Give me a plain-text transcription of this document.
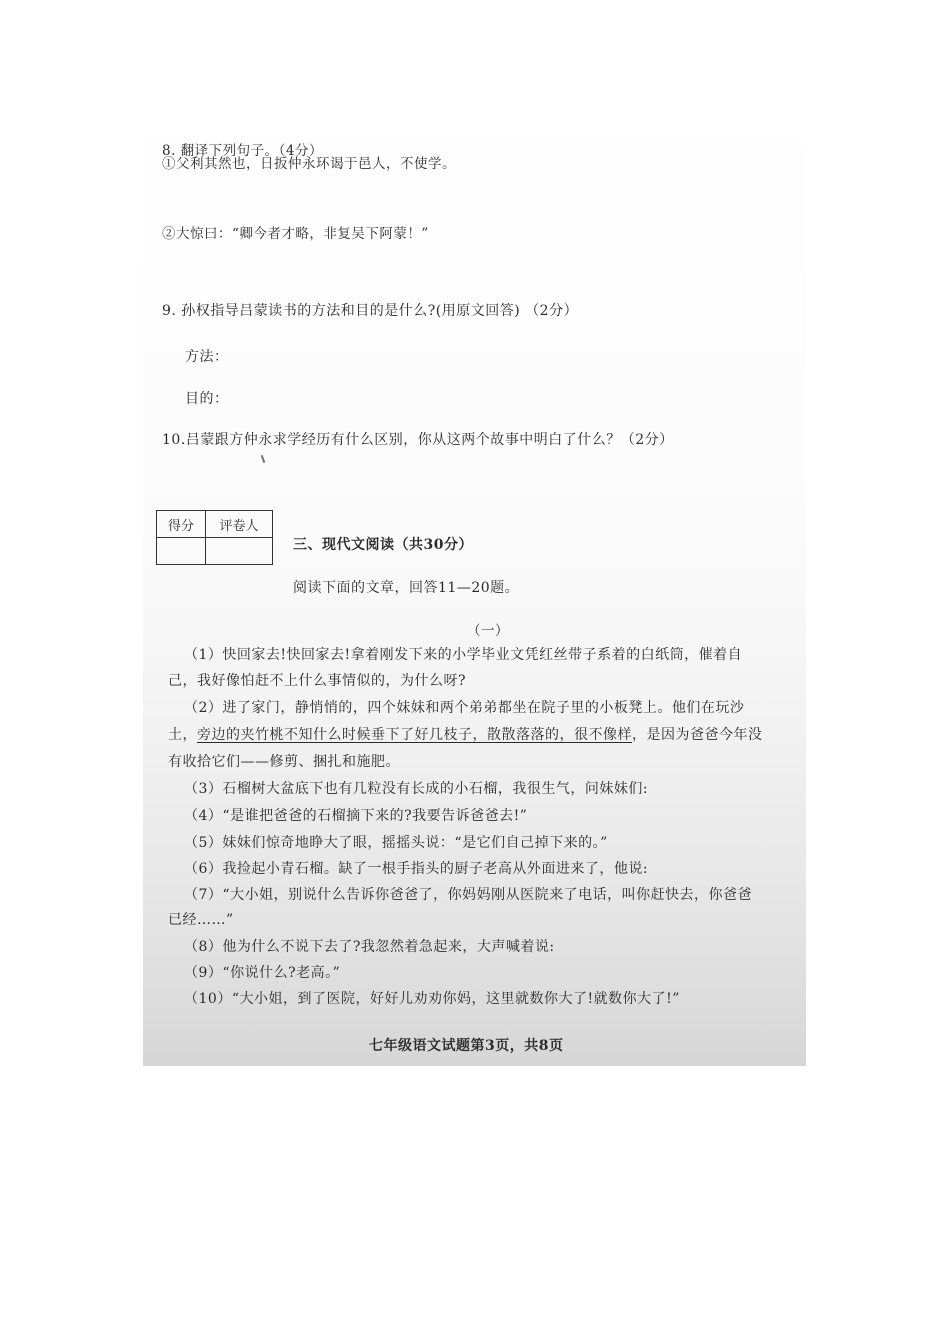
8. 翻译下列句子。（4分）
①父利其然也，日扳仲永环谒于邑人，不使学。
②大惊曰：“卿今者才略，非复吴下阿蒙！”
9. 孙权指导吕蒙读书的方法和目的是什么?(用原文回答) （2分）
方法：
目的：
10.吕蒙跟方仲永求学经历有什么区别，你从这两个故事中明白了什么？（2分）
得分	评卷人

三、现代文阅读（共30分）
阅读下面的文章，回答11—20题。
（一）
（1）快回家去!快回家去!拿着刚发下来的小学毕业文凭红丝带子系着的白纸筒，催着自
己，我好像怕赶不上什么事情似的，为什么呀?
（2）进了家门，静悄悄的，四个妹妹和两个弟弟都坐在院子里的小板凳上。他们在玩沙
土，旁边的夹竹桃不知什么时候垂下了好几枝子，散散落落的，很不像样，是因为爸爸今年没
有收拾它们——修剪、捆扎和施肥。
（3）石榴树大盆底下也有几粒没有长成的小石榴，我很生气，问妹妹们:
（4）“是谁把爸爸的石榴摘下来的?我要告诉爸爸去!”
（5）妹妹们惊奇地睁大了眼，摇摇头说：“是它们自己掉下来的。”
（6）我捡起小青石榴。缺了一根手指头的厨子老高从外面进来了，他说:
（7）“大小姐，别说什么告诉你爸爸了，你妈妈刚从医院来了电话，叫你赶快去，你爸爸
已经……”
（8）他为什么不说下去了?我忽然着急起来，大声喊着说:
（9）“你说什么?老高。”
（10）“大小姐，到了医院，好好儿劝劝你妈，这里就数你大了!就数你大了!”
七年级语文试题第3页，共8页
